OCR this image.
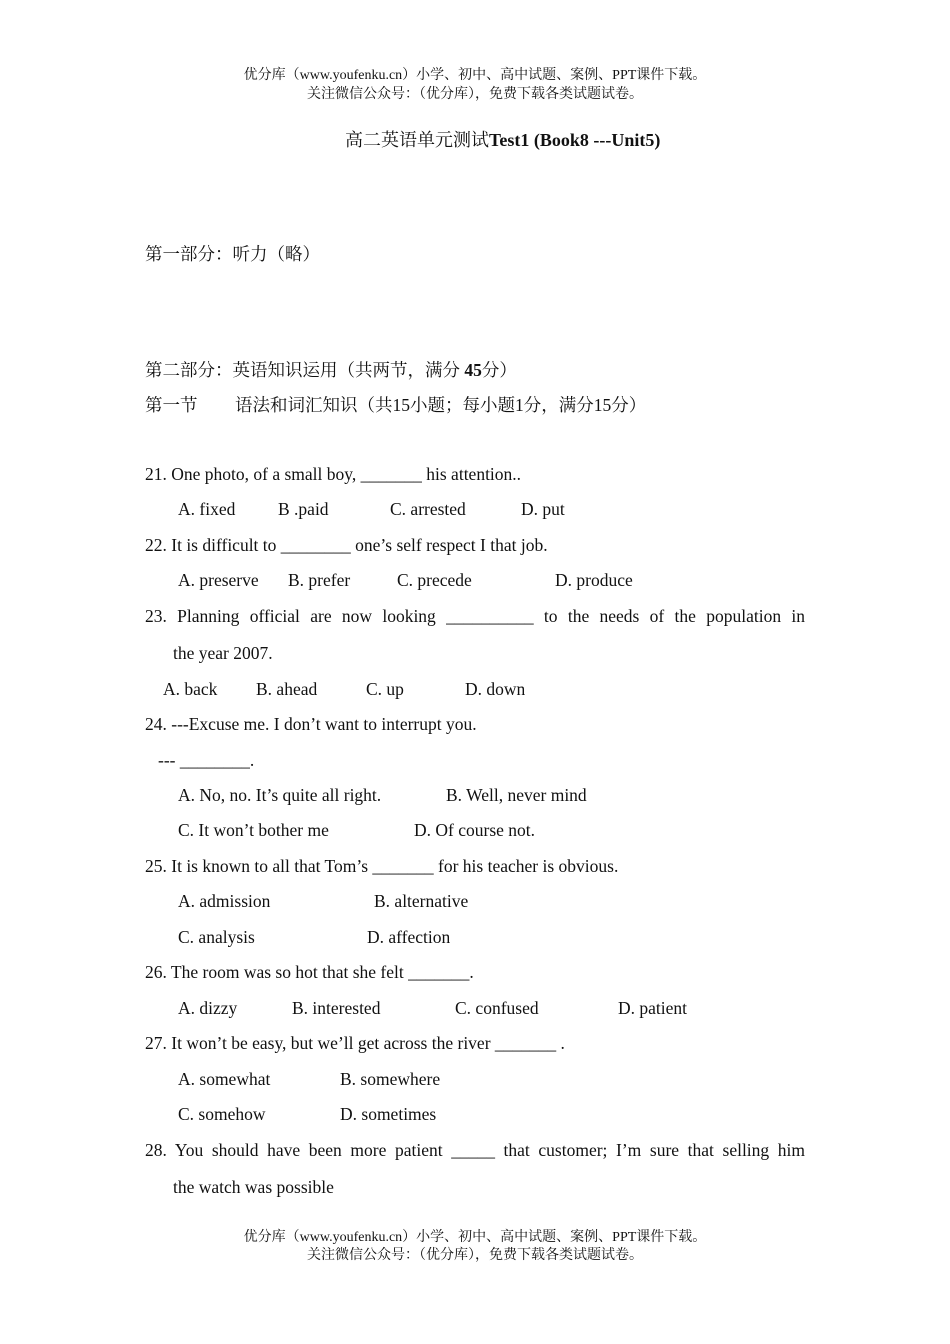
优分库（www.youfenku.cn）小学、初中、高中试题、案例、PPT课件下载。
关注微信公众号：（优分库），免费下载各类试题试卷。
高二英语单元测试Test1 (Book8 ---Unit5)
第一部分：听力（略）
第二部分：英语知识运用（共两节，满分 45分）
第一节 语法和词汇知识（共15小题；每小题1分，满分15分）
21. One photo, of a small boy, _______ his attention..
A. fixed B .paid	C. arrested	D. put
22. It is difficult to ________ one’s self respect I that job.
A. preserve B. prefer	C. precede	D. produce
23. Planning official are now looking __________ to the needs of the population in
the year 2007.
A. back B. ahead	C. up	D. down
24. ---Excuse me. I don’t want to interrupt you.
--- ________.
A. No, no. It’s quite all right.	B. Well, never mind
C. It won’t bother me	D. Of course not.
25. It is known to all that Tom’s _______ for his teacher is obvious.
A. admission	B. alternative
C. analysis	D. affection
26. The room was so hot that she felt _______.
A. dizzy	B. interested	C. confused	D. patient
27. It won’t be easy, but we’ll get across the river _______ .
A. somewhat	B. somewhere
C. somehow	D. sometimes
28. You should have been more patient _____ that customer; I’m sure that selling him
the watch was possible
优分库（www.youfenku.cn）小学、初中、高中试题、案例、PPT课件下载。
关注微信公众号：（优分库），免费下载各类试题试卷。
